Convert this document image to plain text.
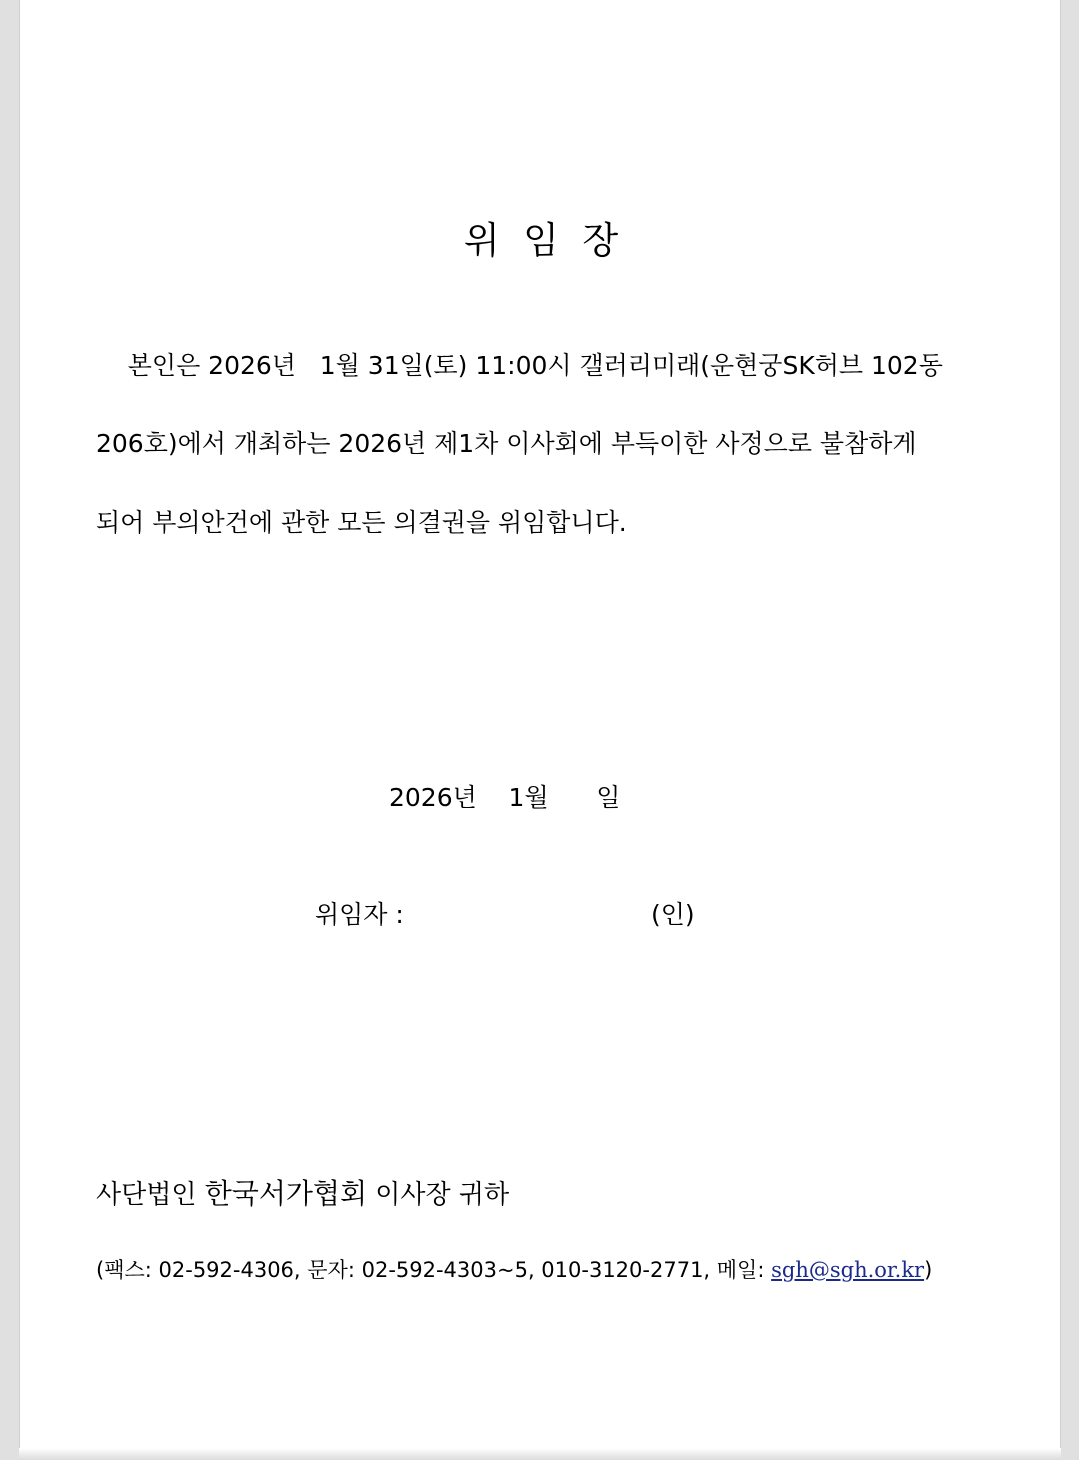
위  임  장
본인은 2026년   1월 31일(토) 11:00시 갤러리미래(운현궁SK허브 102동
206호)에서 개최하는 2026년 제1차 이사회에 부득이한 사정으로 불참하게
되어 부의안건에 관한 모든 의결권을 위임합니다.
2026년    1월      일
위임자 :	(인)
사단법인 한국서가협회 이사장 귀하
(팩스: 02-592-4306, 문자: 02-592-4303~5, 010-3120-2771, 메일: sgh@sgh.or.kr)
